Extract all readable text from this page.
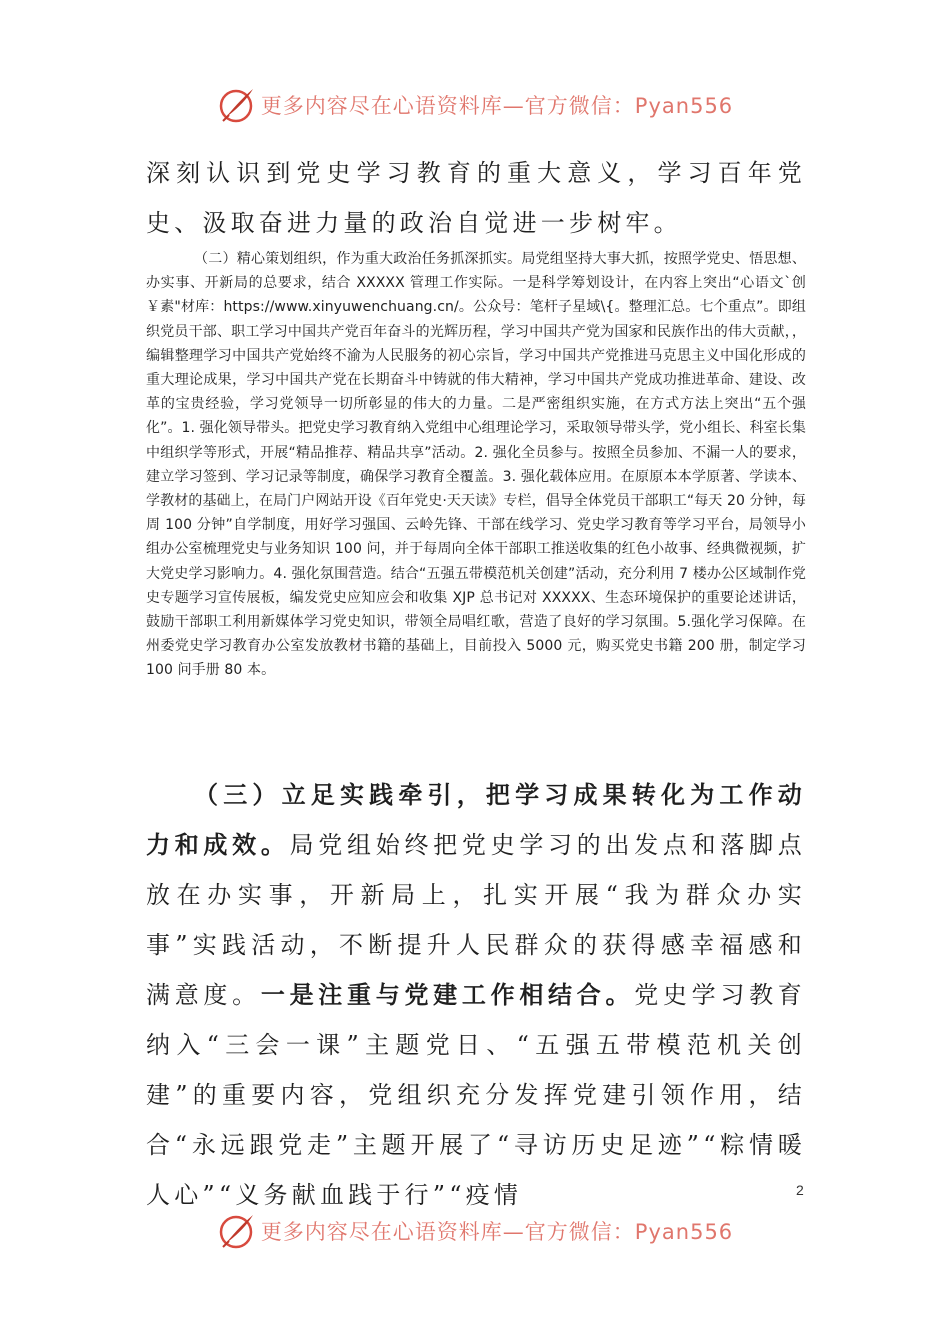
更多内容尽在心语资料库—官方微信：Pyan556

深刻认识到党史学习教育的重大意义，学习百年党史、汲取奋进力量的政治自觉进一步树牢。

（二）精心策划组织，作为重大政治任务抓深抓实。局党组坚持大事大抓，按照学党史、悟思想、办实事、开新局的总要求，结合 XXXXX 管理工作实际。一是科学筹划设计，在内容上突出“心语文`创￥素"材库：https://www.xinyuwenchuang.cn/。公众号：笔杆子星域\{。整理汇总。七个重点”。即组织党员干部、职工学习中国共产党百年奋斗的光辉历程，学习中国共产党为国家和民族作出的伟大贡献，，编辑整理学习中国共产党始终不渝为人民服务的初心宗旨，学习中国共产党推进马克思主义中国化形成的重大理论成果，学习中国共产党在长期奋斗中铸就的伟大精神，学习中国共产党成功推进革命、建设、改革的宝贵经验，学习党领导一切所彰显的伟大的力量。二是严密组织实施，在方式方法上突出“五个强化”。1. 强化领导带头。把党史学习教育纳入党组中心组理论学习，采取领导带头学，党小组长、科室长集中组织学等形式，开展“精品推荐、精品共享”活动。2. 强化全员参与。按照全员参加、不漏一人的要求，建立学习签到、学习记录等制度，确保学习教育全覆盖。3. 强化载体应用。在原原本本学原著、学读本、学教材的基础上，在局门户网站开设《百年党史·天天读》专栏，倡导全体党员干部职工“每天 20 分钟，每周 100 分钟”自学制度，用好学习强国、云岭先锋、干部在线学习、党史学习教育等学习平台，局领导小组办公室梳理党史与业务知识 100 问，并于每周向全体干部职工推送收集的红色小故事、经典微视频，扩大党史学习影响力。4. 强化氛围营造。结合“五强五带模范机关创建”活动，充分利用 7 楼办公区域制作党史专题学习宣传展板，编发党史应知应会和收集 XJP 总书记对 XXXXX、生态环境保护的重要论述讲话，鼓励干部职工利用新媒体学习党史知识，带领全局唱红歌，营造了良好的学习氛围。5.强化学习保障。在州委党史学习教育办公室发放教材书籍的基础上，目前投入 5000 元，购买党史书籍 200 册，制定学习 100 问手册 80 本。

（三）立足实践牵引，把学习成果转化为工作动力和成效。局党组始终把党史学习的出发点和落脚点放在办实事，开新局上，扎实开展“我为群众办实事”实践活动，不断提升人民群众的获得感幸福感和满意度。一是注重与党建工作相结合。党史学习教育纳入“三会一课”主题党日、“五强五带模范机关创建”的重要内容，党组织充分发挥党建引领作用，结合“永远跟党走”主题开展了“寻访历史足迹”“粽情暖人心”“义务献血践于行”“疫情	2
更多内容尽在心语资料库—官方微信：Pyan556
